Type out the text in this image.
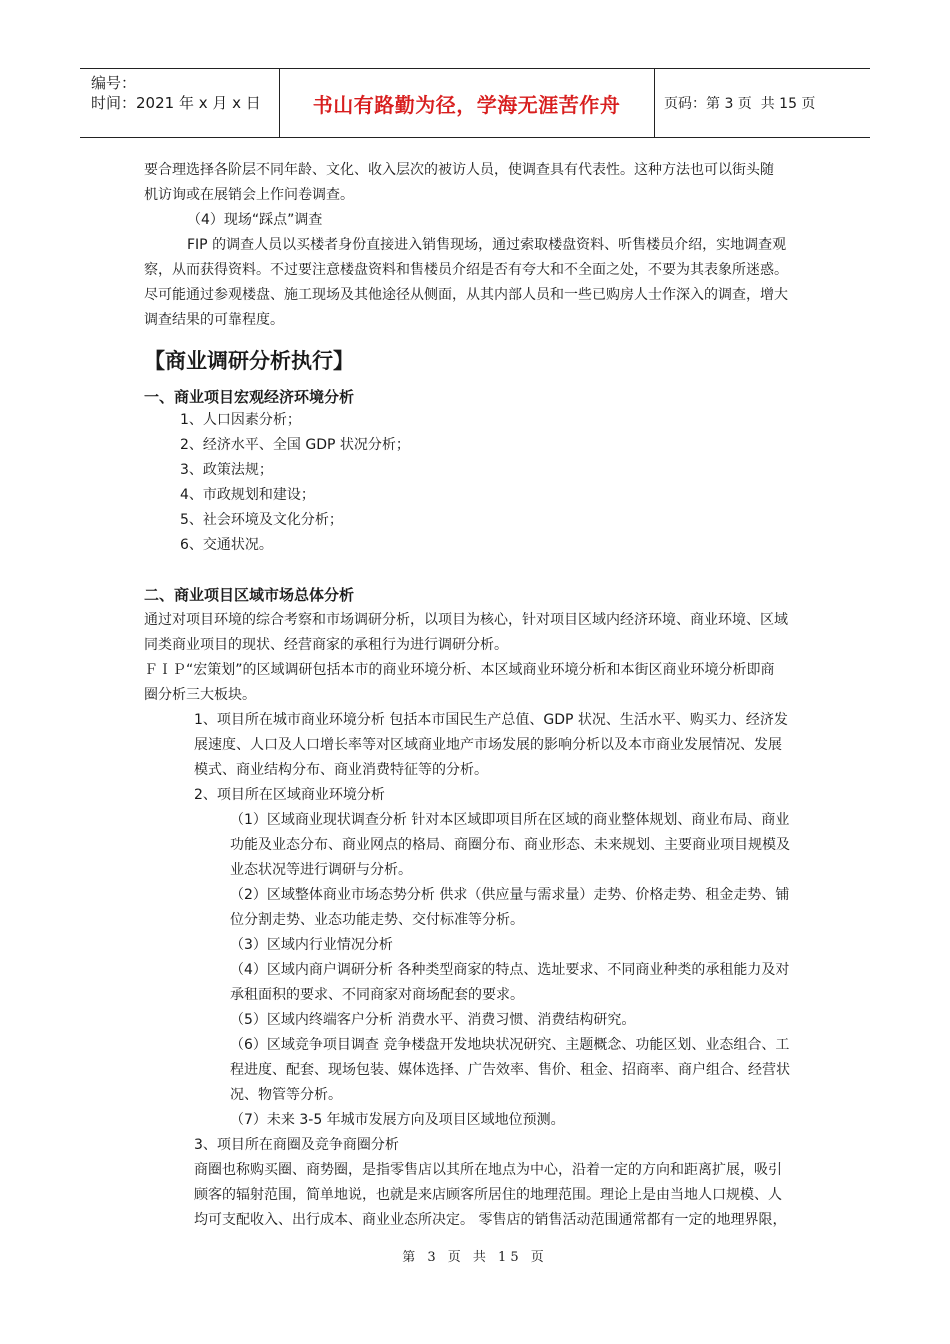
编号：
时间：2021 年 x 月 x 日	书山有路勤为径，学海无涯苦作舟	页码：第 3 页  共 15 页
要合理选择各阶层不同年龄、文化、收入层次的被访人员，使调查具有代表性。这种方法也可以街头随
机访询或在展销会上作问卷调查。
（4）现场“踩点”调查
FIP 的调查人员以买楼者身份直接进入销售现场，通过索取楼盘资料、听售楼员介绍，实地调查观
察，从而获得资料。不过要注意楼盘资料和售楼员介绍是否有夸大和不全面之处，不要为其表象所迷惑。
尽可能通过参观楼盘、施工现场及其他途径从侧面，从其内部人员和一些已购房人士作深入的调查，增大
调查结果的可靠程度。
【商业调研分析执行】
一、商业项目宏观经济环境分析
1、人口因素分析；
2、经济水平、全国 GDP 状况分析；
3、政策法规；
4、市政规划和建设；
5、社会环境及文化分析；
6、交通状况。
二、商业项目区域市场总体分析
通过对项目环境的综合考察和市场调研分析，以项目为核心，针对项目区域内经济环境、商业环境、区域
同类商业项目的现状、经营商家的承租行为进行调研分析。
ＦＩＰ“宏策划”的区域调研包括本市的商业环境分析、本区域商业环境分析和本街区商业环境分析即商
圈分析三大板块。
1、项目所在城市商业环境分析 包括本市国民生产总值、GDP 状况、生活水平、购买力、经济发
展速度、人口及人口增长率等对区域商业地产市场发展的影响分析以及本市商业发展情况、发展
模式、商业结构分布、商业消费特征等的分析。
2、项目所在区域商业环境分析
（1）区域商业现状调查分析 针对本区域即项目所在区域的商业整体规划、商业布局、商业
功能及业态分布、商业网点的格局、商圈分布、商业形态、未来规划、主要商业项目规模及
业态状况等进行调研与分析。
（2）区域整体商业市场态势分析 供求（供应量与需求量）走势、价格走势、租金走势、铺
位分割走势、业态功能走势、交付标准等分析。
（3）区域内行业情况分析
（4）区域内商户调研分析 各种类型商家的特点、选址要求、不同商业种类的承租能力及对
承租面积的要求、不同商家对商场配套的要求。
（5）区域内终端客户分析 消费水平、消费习惯、消费结构研究。
（6）区域竞争项目调查 竞争楼盘开发地块状况研究、主题概念、功能区划、业态组合、工
程进度、配套、现场包装、媒体选择、广告效率、售价、租金、招商率、商户组合、经营状
况、物管等分析。
（7）未来 3-5 年城市发展方向及项目区域地位预测。
3、项目所在商圈及竞争商圈分析
商圈也称购买圈、商势圈，是指零售店以其所在地点为中心，沿着一定的方向和距离扩展，吸引
顾客的辐射范围，简单地说，也就是来店顾客所居住的地理范围。理论上是由当地人口规模、人
均可支配收入、出行成本、商业业态所决定。 零售店的销售活动范围通常都有一定的地理界限，
第 3 页 共 15 页
